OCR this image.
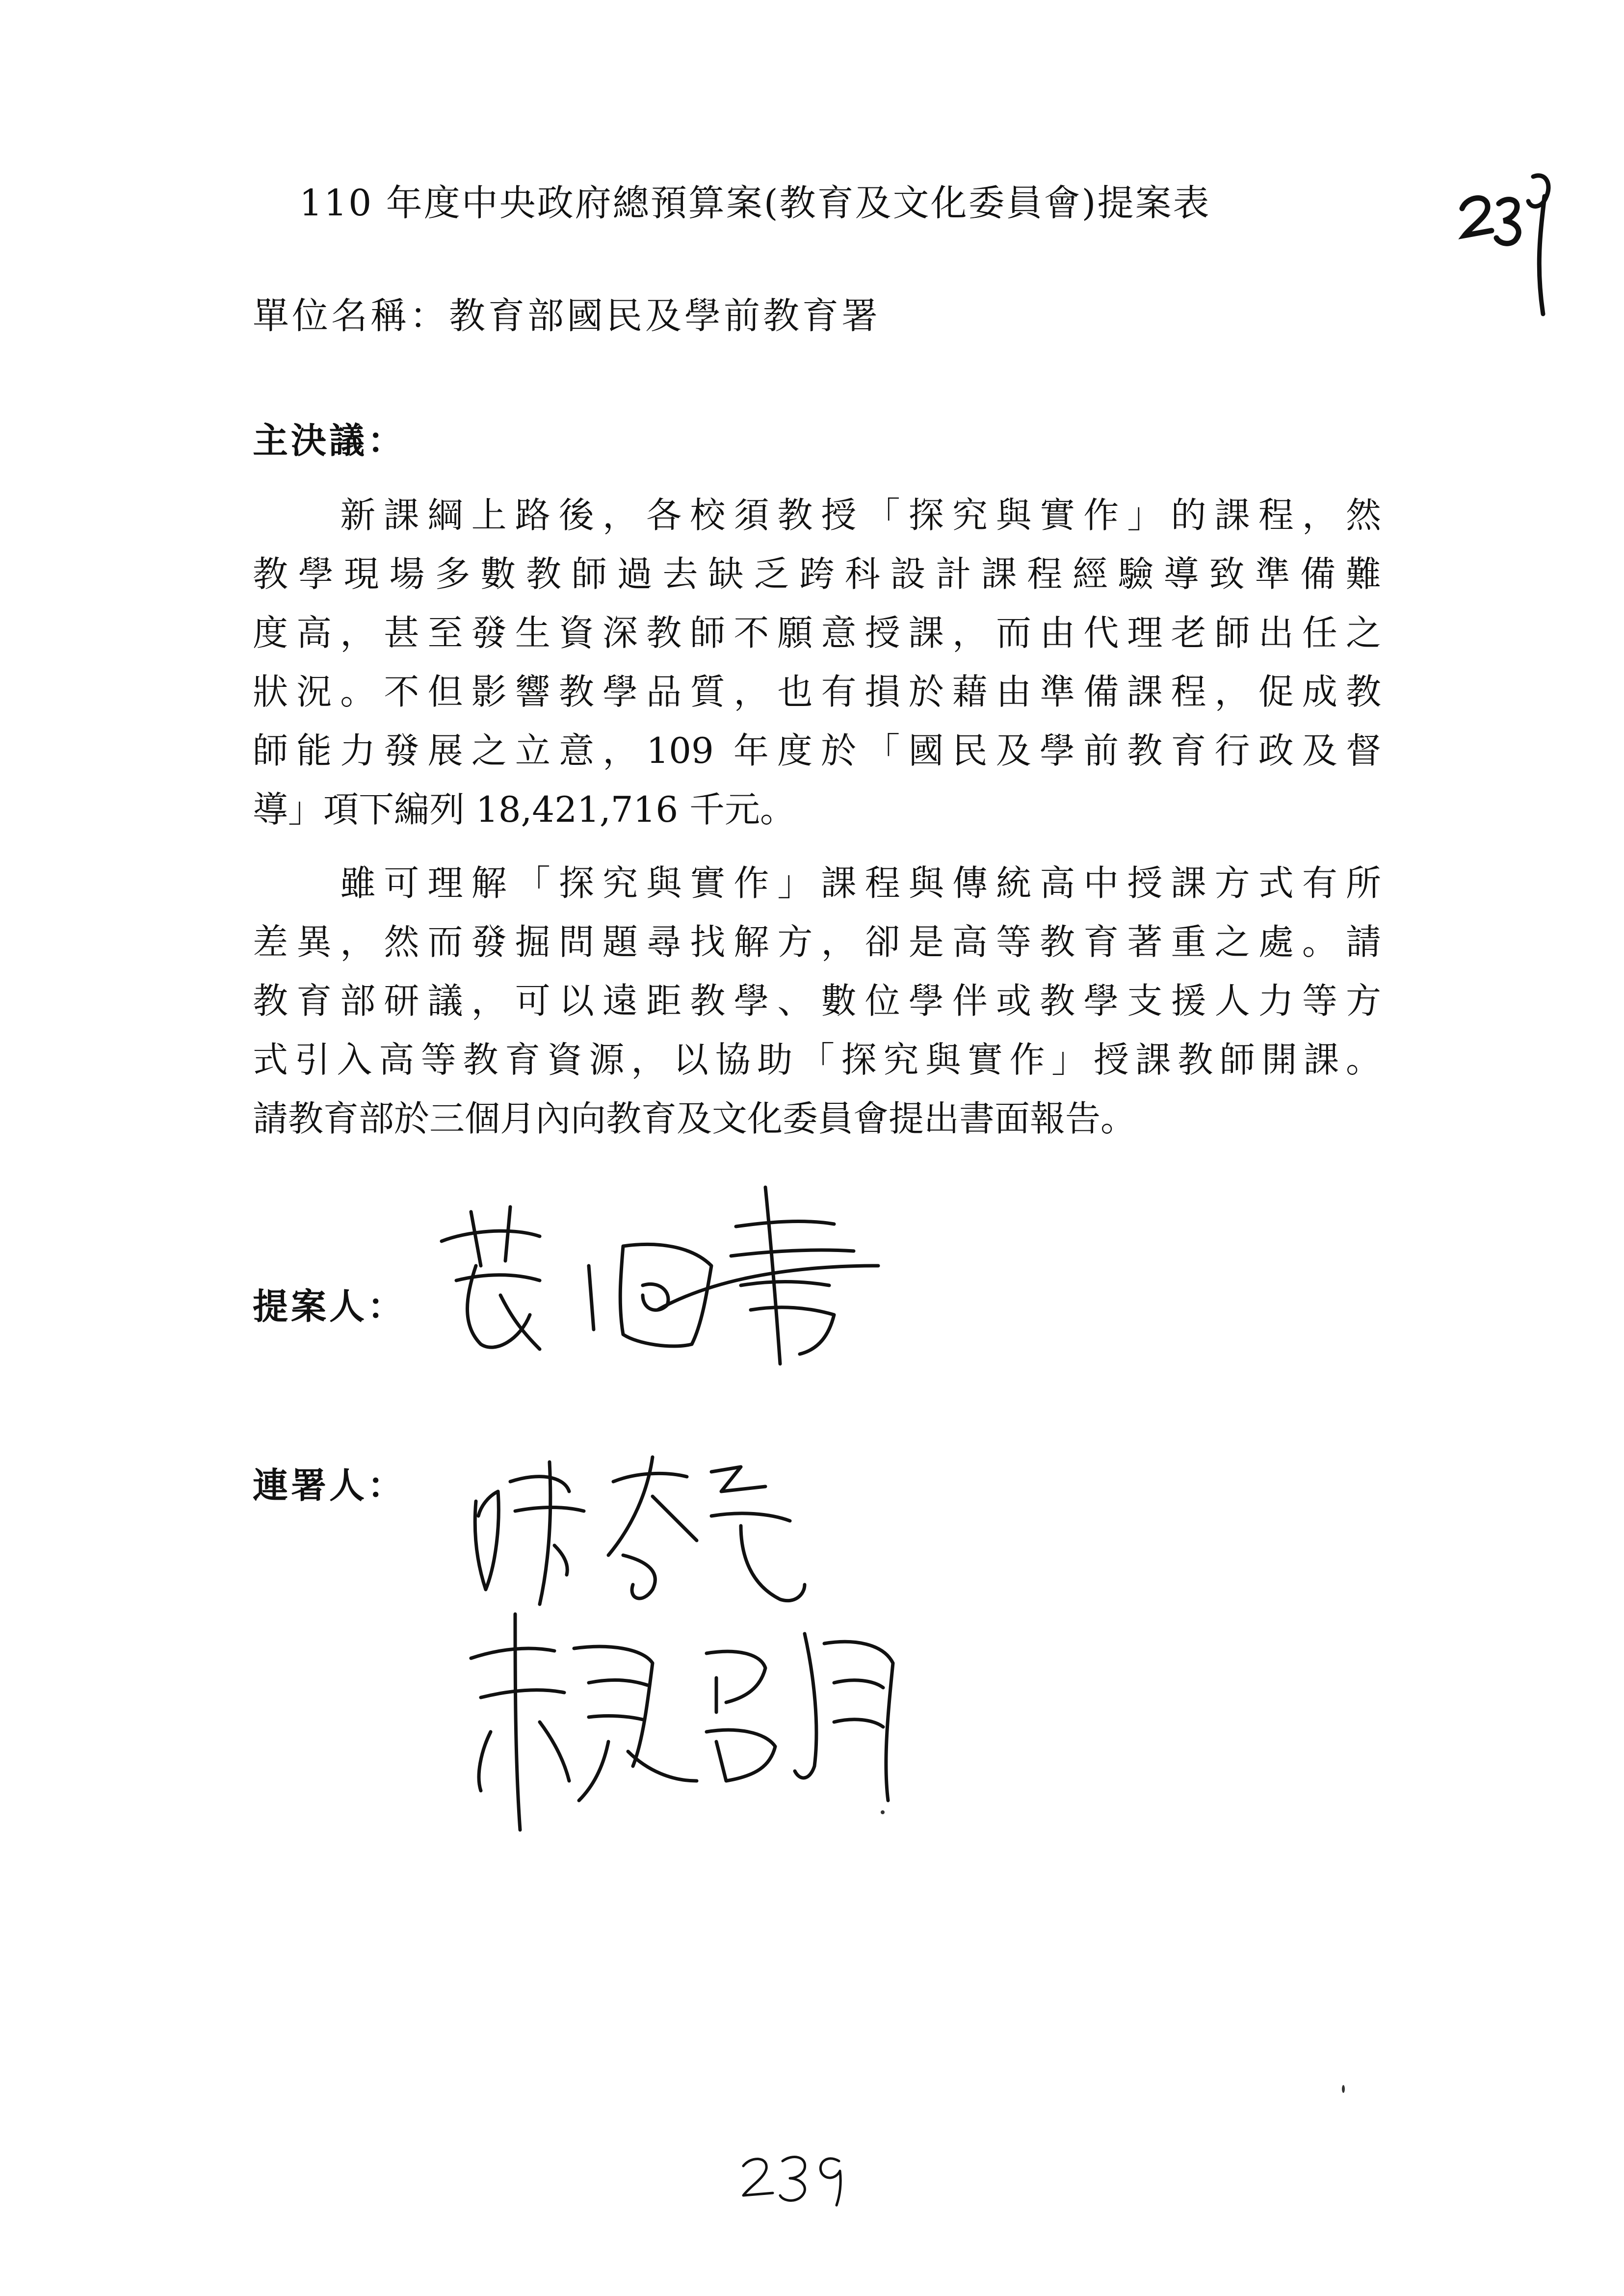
110 年度中央政府總預算案(教育及文化委員會)提案表
單位名稱：教育部國民及學前教育署
主決議：
　　新課綱上路後，各校須教授「探究與實作」的課程，然
教學現場多數教師過去缺乏跨科設計課程經驗導致準備難
度高，甚至發生資深教師不願意授課，而由代理老師出任之
狀況。不但影響教學品質，也有損於藉由準備課程，促成教
師能力發展之立意，109 年度於「國民及學前教育行政及督
導」項下編列 18,421,716 千元。
　　雖可理解「探究與實作」課程與傳統高中授課方式有所
差異，然而發掘問題尋找解方，卻是高等教育著重之處。請
教育部研議，可以遠距教學、數位學伴或教學支援人力等方
式引入高等教育資源，以協助「探究與實作」授課教師開課。
請教育部於三個月內向教育及文化委員會提出書面報告。
提案人：
連署人：
